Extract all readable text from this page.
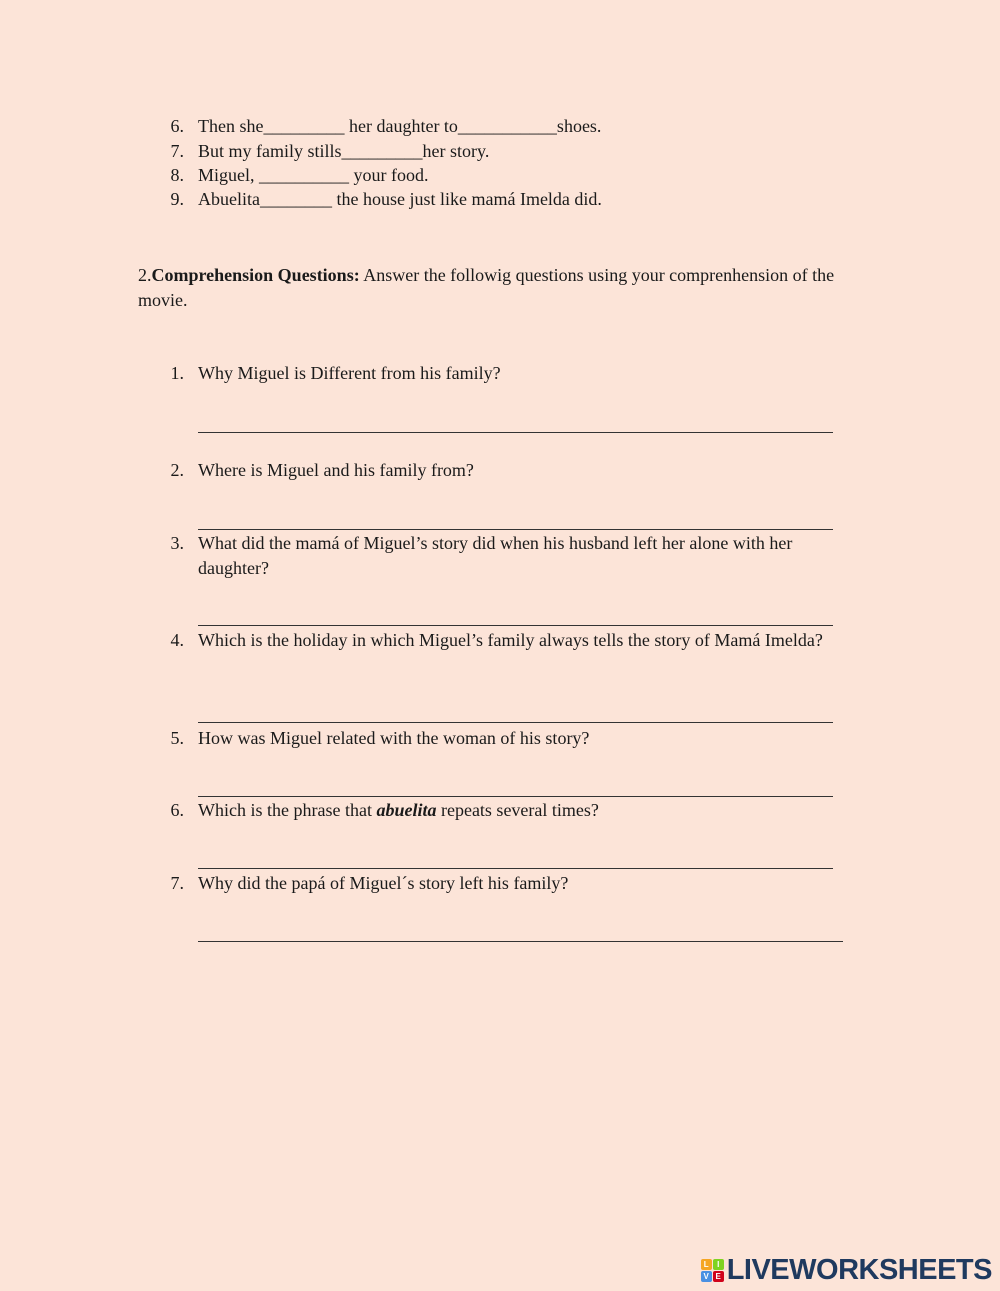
6. Then she_________ her daughter to___________shoes.
7. But my family stills_________her story.
8. Miguel, __________ your food.
9. Abuelita________ the house just like mamá Imelda did.
2.Comprehension Questions: Answer the followig questions using your comprenhension of the movie.
1. Why Miguel is Different from his family?
2. Where is Miguel and his family from?
3. What did the mamá of Miguel’s story did when his husband left her alone with her daughter?
4. Which is the holiday in which Miguel’s family always tells the story of Mamá Imelda?
5. How was Miguel related with the woman of his story?
6. Which is the phrase that abuelita repeats several times?
7. Why did the papá of Miguel´s story left his family?
L	I
V E LIVEWORKSHEETS
